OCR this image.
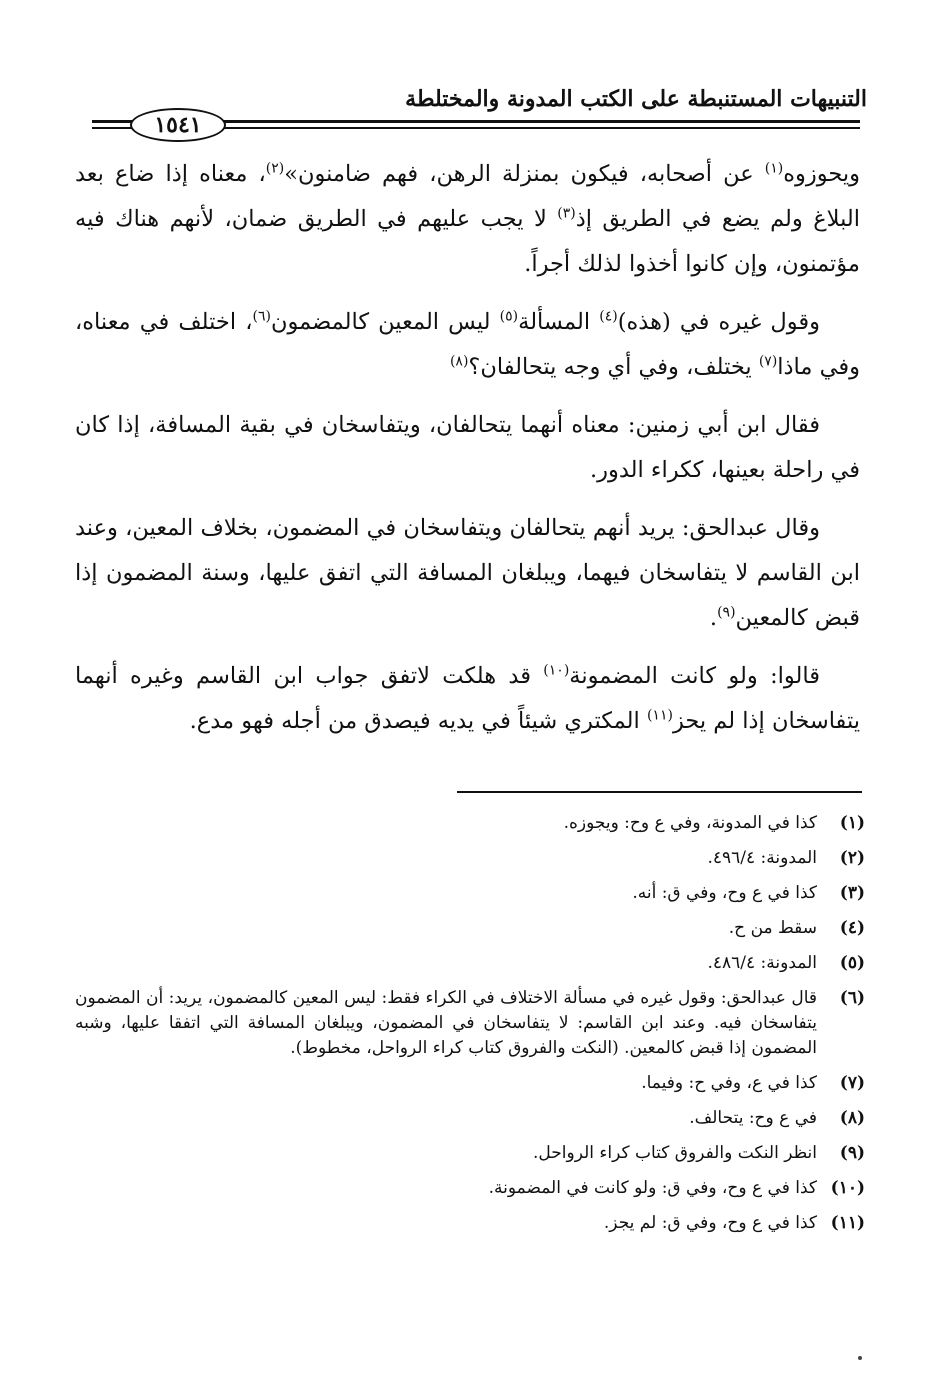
التنبيهات المستنبطة على الكتب المدونة والمختلطة
١٥٤١

ويحوزوه$^{(١)}$ عن أصحابه، فيكون بمنزلة الرهن، فهم ضامنون»$^{(٢)}$، معناه إذا ضاع بعد البلاغ ولم يضع في الطريق إذ$^{(٣)}$ لا يجب عليهم في الطريق ضمان، لأنهم هناك فيه مؤتمنون، وإن كانوا أخذوا لذلك أجراً.

وقول غيره في (هذه)$^{(٤)}$ المسألة$^{(٥)}$ ليس المعين كالمضمون$^{(٦)}$، اختلف في معناه، وفي ماذا$^{(٧)}$ يختلف، وفي أي وجه يتحالفان؟$^{(٨)}$

فقال ابن أبي زمنين: معناه أنهما يتحالفان، ويتفاسخان في بقية المسافة، إذا كان في راحلة بعينها، ككراء الدور.

وقال عبدالحق: يريد أنهم يتحالفان ويتفاسخان في المضمون، بخلاف المعين، وعند ابن القاسم لا يتفاسخان فيهما، ويبلغان المسافة التي اتفق عليها، وسنة المضمون إذا قبض كالمعين$^{(٩)}$.

قالوا: ولو كانت المضمونة$^{(١٠)}$ قد هلكت لاتفق جواب ابن القاسم وغيره أنهما يتفاسخان إذا لم يحز$^{(١١)}$ المكتري شيئاً في يديه فيصدق من أجله فهو مدع.

(١)
كذا في المدونة، وفي ع وح: ويجوزه.
(٢)
المدونة: ٤٩٦/٤.
(٣)
كذا في ع وح، وفي ق: أنه.
(٤)
سقط من ح.
(٥)
المدونة: ٤٨٦/٤.
(٦)
قال عبدالحق: وقول غيره في مسألة الاختلاف في الكراء فقط: ليس المعين كالمضمون، يريد: أن المضمون يتفاسخان فيه. وعند ابن القاسم: لا يتفاسخان في المضمون، ويبلغان المسافة التي اتفقا عليها، وشبه المضمون إذا قبض كالمعين. (النكت والفروق كتاب كراء الرواحل، مخطوط).
(٧)
كذا في ع، وفي ح: وفيما.
(٨)
في ع وح: يتحالف.
(٩)
انظر النكت والفروق كتاب كراء الرواحل.
(١٠)
كذا في ع وح، وفي ق: ولو كانت في المضمونة.
(١١)
كذا في ع وح، وفي ق: لم يجز.
